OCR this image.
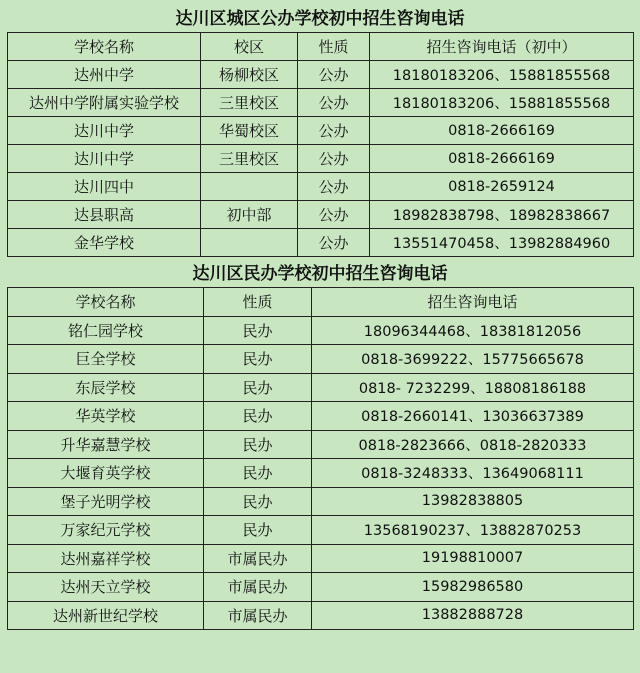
达川区城区公办学校初中招生咨询电话
学校名称	校区	性质	招生咨询电话（初中）
达州中学	杨柳校区	公办	18180183206、15881855568
达州中学附属实验学校	三里校区	公办	18180183206、15881855568
达川中学	华蜀校区	公办	0818-2666169
达川中学	三里校区	公办	0818-2666169
达川四中		公办	0818-2659124
达县职高	初中部	公办	18982838798、18982838667
金华学校		公办	13551470458、13982884960
达川区民办学校初中招生咨询电话
学校名称	性质	招生咨询电话
铭仁园学校	民办	18096344468、18381812056
巨全学校	民办	0818-3699222、15775665678
东辰学校	民办	0818- 7232299、18808186188
华英学校	民办	0818-2660141、13036637389
升华嘉慧学校	民办	0818-2823666、0818-2820333
大堰育英学校	民办	0818-3248333、13649068111
堡子光明学校	民办	13982838805
万家纪元学校	民办	13568190237、13882870253
达州嘉祥学校	市属民办	19198810007
达州天立学校	市属民办	15982986580
达州新世纪学校	市属民办	13882888728
